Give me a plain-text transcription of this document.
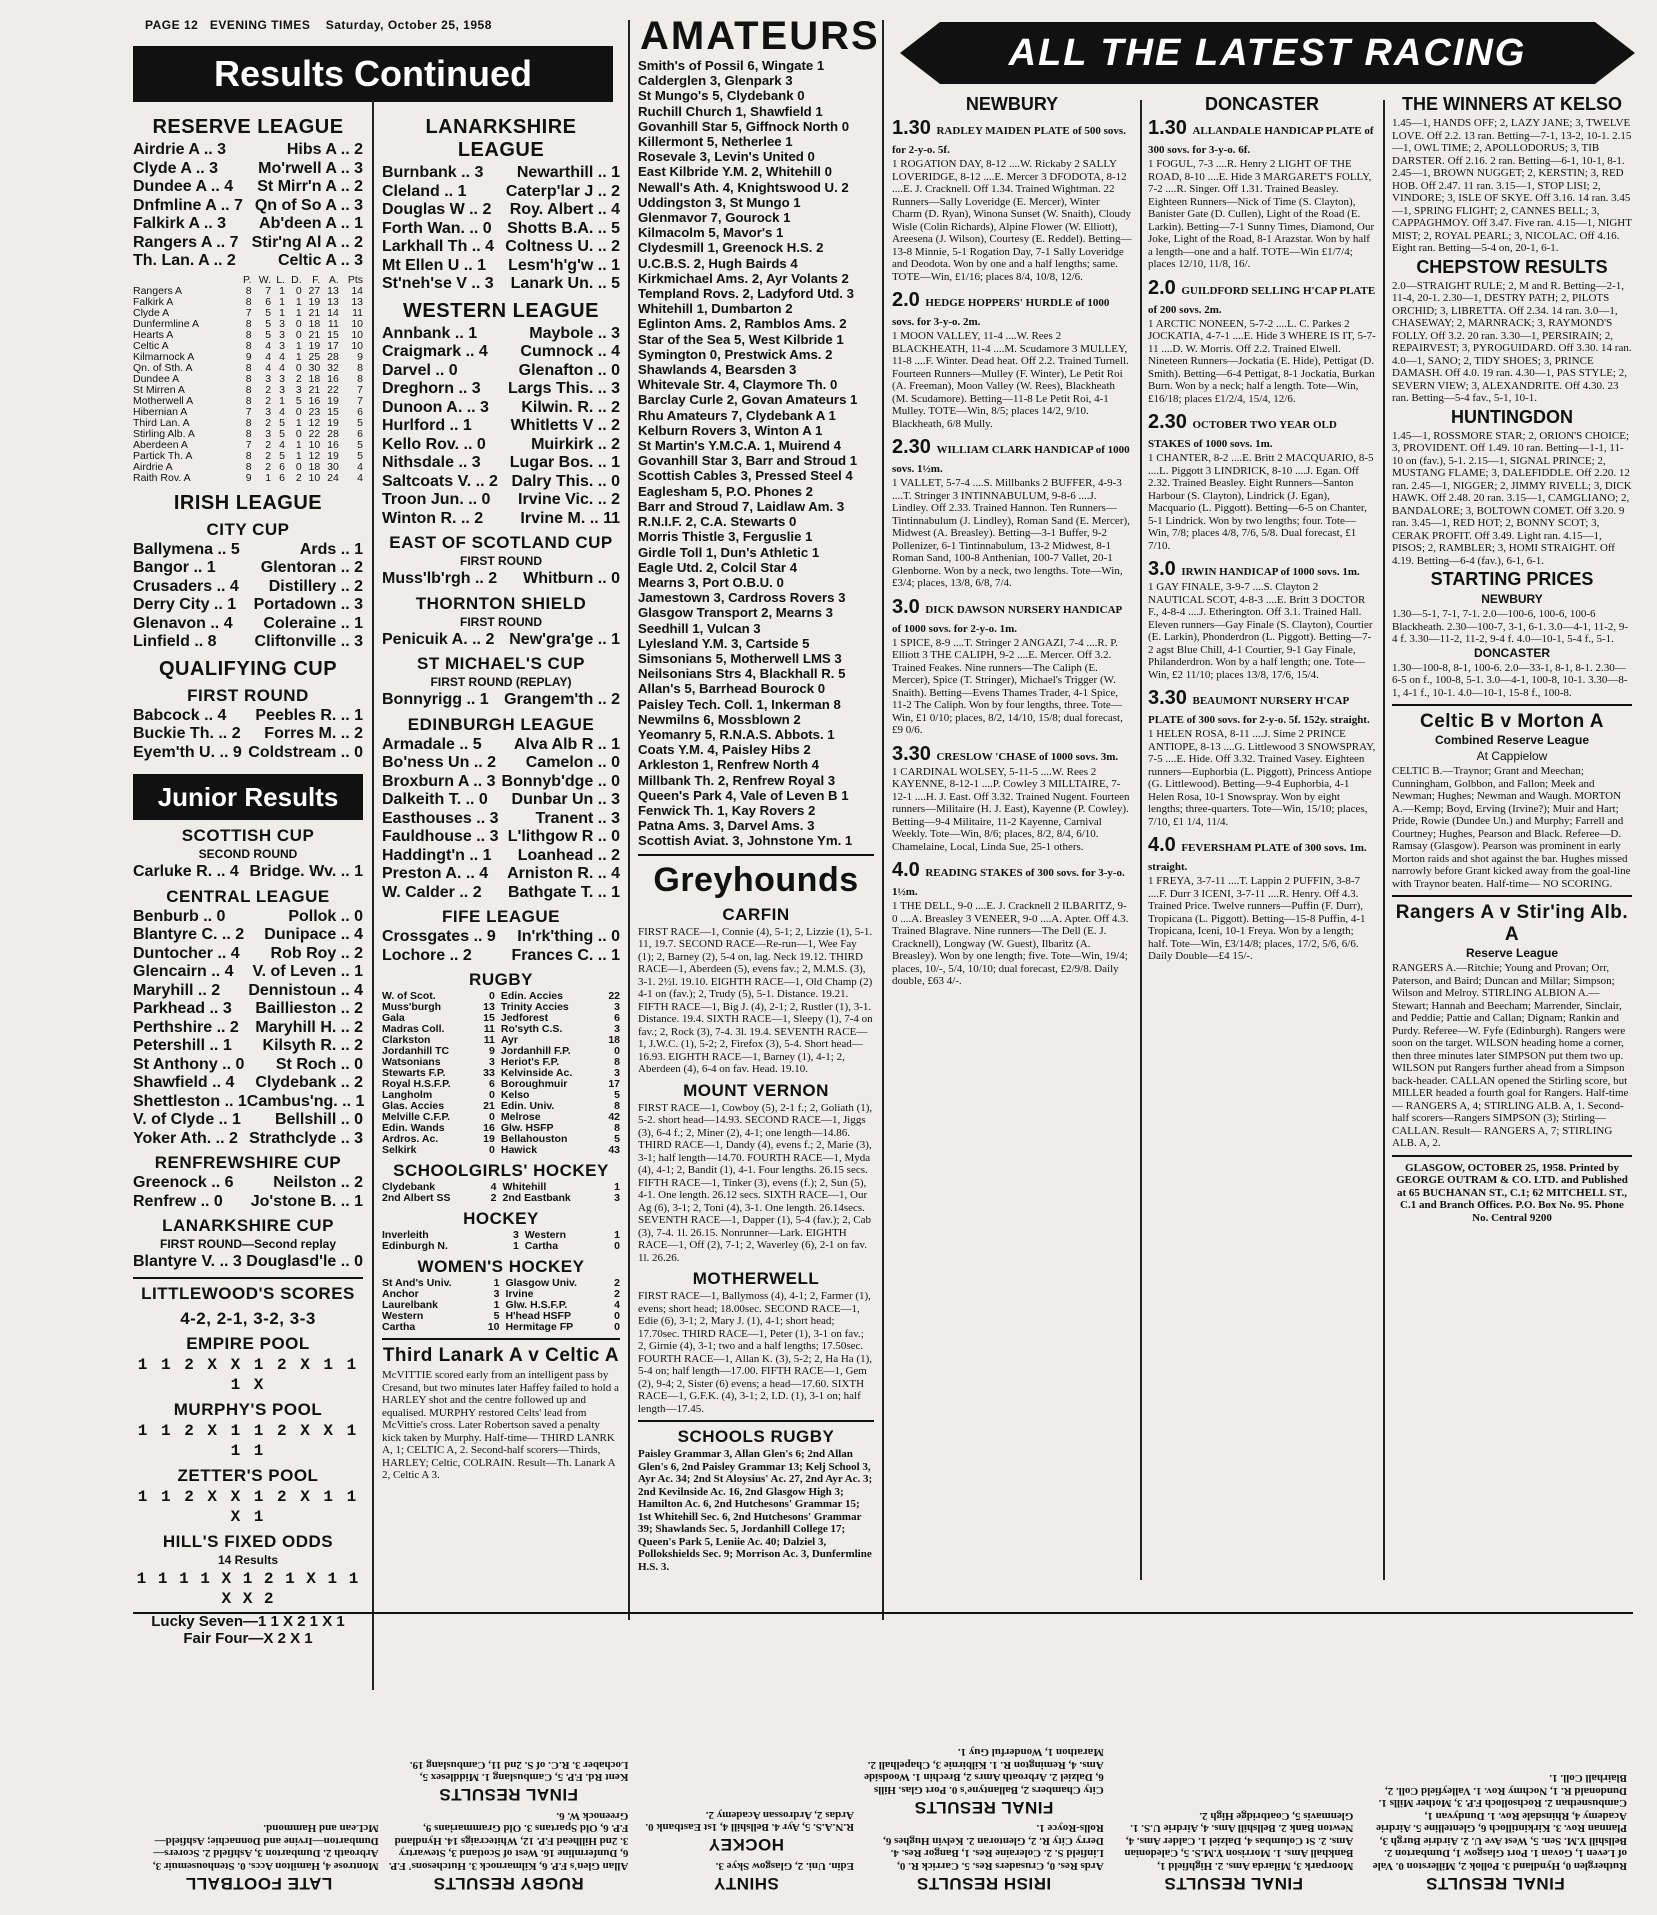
PAGE 12 EVENING TIMES Saturday, October 25, 1958
Results Continued
AMATEURS	ALL THE LATEST RACING
RESERVE LEAGUE
Airdrie A .. 3	Hibs A .. 2
Clyde A .. 3	Mo'rwell A .. 3
Dundee A .. 4 St Mirr'n A .. 2
Dnfmline A .. 7 Qn of So A .. 3
Falkirk A .. 3 Ab'deen A .. 1
Rangers A .. 7 Stir'ng Al A .. 2
Th. Lan. A .. 2	Celtic A .. 3
	P.	W.	L.	D.	F.	A.	Pts
Rangers A	8	7	1	0	27	13	14
Falkirk A	8	6	1	1	19	13	13
Clyde A	7	5	1	1	21	14	11
Dunfermline A	8	5	3	0	18	11	10
Hearts A	8	5	3	0	21	15	10
Celtic A	8	4	3	1	19	17	10
Kilmarnock A	9	4	4	1	25	28	9
Qn. of Sth. A	8	4	4	0	30	32	8
Dundee A	8	3	3	2	18	16	8
St Mirren A	8	2	3	3	21	22	7
Motherwell A	8	2	1	5	16	19	7
Hibernian A	7	3	4	0	23	15	6
Third Lan. A	8	2	5	1	12	19	5
Stirling Alb. A	8	3	5	0	22	28	6
Aberdeen A	7	2	4	1	10	16	5
Partick Th. A	8	2	5	1	12	19	5
Airdrie A	8	2	6	0	18	30	4
Raith Rov. A	9	1	6	2	10	24	4
IRISH LEAGUE
CITY CUP
Ballymena .. 5	Ards .. 1
Bangor .. 1	Glentoran .. 2
Crusaders .. 4 Distillery .. 2
Derry City .. 1 Portadown .. 3
Glenavon .. 4 Coleraine .. 1
Linfield .. 8 Cliftonville .. 3
QUALIFYING CUP
FIRST ROUND
Babcock .. 4 Peebles R. .. 1
Buckie Th. .. 2 Forres M. .. 2
Eyem'th U. .. 9 Coldstream .. 0
Junior Results
SCOTTISH CUP
SECOND ROUND
Carluke R. .. 4 Bridge. Wv. .. 1
CENTRAL LEAGUE
Benburb .. 0	Pollok .. 0
Blantyre C. .. 2 Dunipace .. 4
Duntocher .. 4 Rob Roy .. 2
Glencairn .. 4 V. of Leven .. 1
Maryhill .. 2 Dennistoun .. 4
Parkhead .. 3 Baillieston .. 2
Perthshire .. 2 Maryhill H. .. 2
Petershill .. 1 Kilsyth R. .. 2
St Anthony .. 0 St Roch .. 0
Shawfield .. 4 Clydebank .. 2
Shettleston .. 1 Cambus'ng. .. 1
V. of Clyde .. 1 Bellshill .. 0
Yoker Ath. .. 2 Strathclyde .. 3
RENFREWSHIRE CUP
Greenock .. 6 Neilston .. 2
Renfrew .. 0 Jo'stone B. .. 1
LANARKSHIRE CUP
FIRST ROUND—Second replay
Blantyre V. .. 3 Douglasd'le .. 0
LITTLEWOOD'S SCORES
4-2, 2-1, 3-2, 3-3
EMPIRE POOL
1 1 2 X X 1 2 X 1 1 1 X
MURPHY'S POOL
1 1 2 X 1 1 2 X X 1 1 1
ZETTER'S POOL
1 1 2 X X 1 2 X 1 1 X 1
HILL'S FIXED ODDS
14 Results
1 1 1 1 X 1 2 1 X 1 1 X X 2
Lucky Seven—1 1 X 2 1 X 1
Fair Four—X 2 X 1
LANARKSHIRE LEAGUE
Burnbank .. 3 Newarthill .. 1
Cleland .. 1 Caterp'lar J .. 2
Douglas W .. 2 Roy. Albert .. 4
Forth Wan. .. 0 Shotts B.A. .. 5
Larkhall Th .. 4 Coltness U. .. 2
Mt Ellen U .. 1 Lesm'h'g'w .. 1
St'neh'se V .. 3 Lanark Un. .. 5
WESTERN LEAGUE
Annbank .. 1	Maybole .. 3
Craigmark .. 4 Cumnock .. 4
Darvel .. 0	Glenafton .. 0
Dreghorn .. 3 Largs This. .. 3
Dunoon A. .. 3 Kilwin. R. .. 2
Hurlford .. 1 Whitletts V .. 2
Kello Rov. .. 0	Muirkirk .. 2
Nithsdale .. 3 Lugar Bos. .. 1
Saltcoats V. .. 2 Dalry This. .. 0
Troon Jun. .. 0 Irvine Vic. .. 2
Winton R. .. 2 Irvine M. .. 11
EAST OF SCOTLAND CUP
FIRST ROUND
Muss'lb'rgh .. 2 Whitburn .. 0
THORNTON SHIELD
FIRST ROUND
Penicuik A. .. 2 New'gra'ge .. 1
ST MICHAEL'S CUP
FIRST ROUND (REPLAY)
Bonnyrigg .. 1 Grangem'th .. 2
EDINBURGH LEAGUE
Armadale .. 5 Alva Alb R .. 1
Bo'ness Un .. 2 Camelon .. 0
Broxburn A .. 3 Bonnyb'dge .. 0
Dalkeith T. .. 0 Dunbar Un .. 3
Easthouses .. 3 Tranent .. 3
Fauldhouse .. 3 L'lithgow R .. 0
Haddingt'n .. 1 Loanhead .. 2
Preston A. .. 4 Arniston R. .. 4
W. Calder .. 2 Bathgate T. .. 1
FIFE LEAGUE
Crossgates .. 9 In'rk'thing .. 0
Lochore .. 2 Frances C. .. 1
RUGBY
W. of Scot.	0	Edin. Accies	22
Muss'burgh	13	Trinity Accies	3
Gala	15	Jedforest	6
Madras Coll.	11	Ro'syth C.S.	3
Clarkston	11	Ayr	18
Jordanhill TC	9	Jordanhill F.P.	0
Watsonians	3	Heriot's F.P.	8
Stewarts F.P.	33	Kelvinside Ac.	3
Royal H.S.F.P.	6	Boroughmuir	17
Langholm	0	Kelso	5
Glas. Accies	21	Edin. Univ.	8
Melville C.F.P.	0	Melrose	42
Edin. Wands	16	Glw. HSFP	8
Ardros. Ac.	19	Bellahouston	5
Selkirk	0	Hawick	43
SCHOOLGIRLS' HOCKEY
Clydebank	4	Whitehill	1
2nd Albert SS	2	2nd Eastbank	3
HOCKEY
Inverleith	3	Western	1
Edinburgh N.	1	Cartha	0
WOMEN'S HOCKEY
St And's Univ.	1	Glasgow Univ.	2
Anchor	3	Irvine	2
Laurelbank	1	Glw. H.S.F.P.	4
Western	5	H'head HSFP	0
Cartha	10	Hermitage FP	0
Third Lanark A v Celtic A
McVITTIE scored early from an intelligent pass by Cresand, but two minutes later Haffey failed to hold a HARLEY shot and the centre followed up and equalised. MURPHY restored Celts' lead from McVittie's cross. Later Robertson saved a penalty kick taken by Murphy. Half-time— THIRD LANRK A, 1; CELTIC A, 2. Second-half scorers—Thirds, HARLEY; Celtic, COLRAIN. Result—Th. Lanark A 2, Celtic A 3.
Smith's of Possil 6, Wingate 1
Calderglen 3, Glenpark 3
St Mungo's 5, Clydebank 0
Ruchill Church 1, Shawfield 1
Govanhill Star 5, Giffnock North 0
Killermont 5, Netherlee 1
Rosevale 3, Levin's United 0
East Kilbride Y.M. 2, Whitehill 0
Newall's Ath. 4, Knightswood U. 2
Uddingston 3, St Mungo 1
Glenmavor 7, Gourock 1
Kilmacolm 5, Mavor's 1
Clydesmill 1, Greenock H.S. 2
U.C.B.S. 2, Hugh Bairds 4
Kirkmichael Ams. 2, Ayr Volants 2
Templand Rovs. 2, Ladyford Utd. 3
Whitehill 1, Dumbarton 2
Eglinton Ams. 2, Ramblos Ams. 2
Star of the Sea 5, West Kilbride 1
Symington 0, Prestwick Ams. 2
Shawlands 4, Bearsden 3
Whitevale Str. 4, Claymore Th. 0
Barclay Curle 2, Govan Amateurs 1
Rhu Amateurs 7, Clydebank A 1
Kelburn Rovers 3, Winton A 1
St Martin's Y.M.C.A. 1, Muirend 4
Govanhill Star 3, Barr and Stroud 1
Scottish Cables 3, Pressed Steel 4
Eaglesham 5, P.O. Phones 2
Barr and Stroud 7, Laidlaw Am. 3
R.N.I.F. 2, C.A. Stewarts 0
Morris Thistle 3, Ferguslie 1
Girdle Toll 1, Dun's Athletic 1
Eagle Utd. 2, Colcil Star 4
Mearns 3, Port O.B.U. 0
Jamestown 3, Cardross Rovers 3
Glasgow Transport 2, Mearns 3
Seedhill 1, Vulcan 3
Lylesland Y.M. 3, Cartside 5
Simsonians 5, Motherwell LMS 3
Neilsonians Strs 4, Blackhall R. 5
Allan's 5, Barrhead Bourock 0
Paisley Tech. Coll. 1, Inkerman 8
Newmilns 6, Mossblown 2
Yeomanry 5, R.N.A.S. Abbots. 1
Coats Y.M. 4, Paisley Hibs 2
Arkleston 1, Renfrew North 4
Millbank Th. 2, Renfrew Royal 3
Queen's Park 4, Vale of Leven B 1
Fenwick Th. 1, Kay Rovers 2
Patna Ams. 3, Darvel Ams. 3
Scottish Aviat. 3, Johnstone Ym. 1
Greyhounds
CARFIN
FIRST RACE—1, Connie (4), 5-1; 2, Lizzie (1), 5-1. 11, 19.7. SECOND RACE—Re-run—1, Wee Fay (1); 2, Barney (2), 5-4 on, lag. Neck 19.12. THIRD RACE—1, Aberdeen (5), evens fav.; 2, M.M.S. (3), 3-1. 2½l. 19.10. EIGHTH RACE—1, Old Champ (2) 4-1 on (fav.); 2, Trudy (5), 5-1. Distance. 19.21. FIFTH RACE—1, Big J. (4), 2-1; 2, Rustler (1), 3-1. Distance. 19.4. SIXTH RACE—1, Sleepy (1), 7-4 on fav.; 2, Rock (3), 7-4. 3l. 19.4. SEVENTH RACE—1, J.W.C. (1), 5-2; 2, Firefox (3), 5-4. Short head—16.93. EIGHTH RACE—1, Barney (1), 4-1; 2, Aberdeen (4), 6-4 on fav. Head. 19.10.
MOUNT VERNON
FIRST RACE—1, Cowboy (5), 2-1 f.; 2, Goliath (1), 5-2. short head—14.93. SECOND RACE—1, Jiggs (3), 6-4 f.; 2, Miner (2), 4-1; one length—14.86. THIRD RACE—1, Dandy (4), evens f.; 2, Marie (3), 3-1; half length—14.70. FOURTH RACE—1, Myda (4), 4-1; 2, Bandit (1), 4-1. Four lengths. 26.15 secs. FIFTH RACE—1, Tinker (3), evens (f.); 2, Sun (5), 4-1. One length. 26.12 secs. SIXTH RACE—1, Our Ag (6), 3-1; 2, Toni (4), 3-1. One length. 26.14secs. SEVENTH RACE—1, Dapper (1), 5-4 (fav.); 2, Cab (3), 7-4. 1l. 26.15. Nonrunner—Lark. EIGHTH RACE—1, Off (2), 7-1; 2, Waverley (6), 2-1 on fav. 1l. 26.26.
MOTHERWELL
FIRST RACE—1, Ballymoss (4), 4-1; 2, Farmer (1), evens; short head; 18.00sec. SECOND RACE—1, Edie (6), 3-1; 2, Mary J. (1), 4-1; short head; 17.70sec. THIRD RACE—1, Peter (1), 3-1 on fav.; 2, Girnie (4), 3-1; two and a half lengths; 17.50sec. FOURTH RACE—1, Allan K. (3), 5-2; 2, Ha Ha (1), 5-4 on; half length—17.00. FIFTH RACE—1, Gem (2), 9-4; 2, Sister (6) evens; a head—17.60. SIXTH RACE—1, G.F.K. (4), 3-1; 2, I.D. (1), 3-1 on; half length—17.45.
SCHOOLS RUGBY
Paisley Grammar 3, Allan Glen's 6; 2nd Allan Glen's 6, 2nd Paisley Grammar 13; Kelj School 3, Ayr Ac. 34; 2nd St Aloysius' Ac. 27, 2nd Ayr Ac. 3; 2nd Kevilnside Ac. 16, 2nd Glasgow High 3; Hamilton Ac. 6, 2nd Hutchesons' Grammar 15; 1st Whitehill Sec. 6, 2nd Hutchesons' Grammar 39; Shawlands Sec. 5, Jordanhill College 17; Queen's Park 5, Leniie Ac. 40; Dalziel 3, Pollokshields Sec. 9; Morrison Ac. 3, Dunfermline H.S. 3.
NEWBURY
1.30 RADLEY MAIDEN PLATE of 500 sovs. for 2-y-o. 5f.
1 ROGATION DAY, 8-12 ....W. Rickaby 2 SALLY LOVERIDGE, 8-12 ....E. Mercer 3 DFODOTA, 8-12 ....E. J. Cracknell. Off 1.34. Trained Wightman. 22 Runners—Sally Loveridge (E. Mercer), Winter Charm (D. Ryan), Winona Sunset (W. Snaith), Cloudy Wisle (Colin Richards), Alpine Flower (W. Elliott), Areesena (J. Wilson), Courtesy (E. Reddel). Betting—13-8 Minnie, 5-1 Rogation Day, 7-1 Sally Loveridge and Deodota. Won by one and a half lengths; same. TOTE—Win, £1/16; places 8/4, 10/8, 12/6.
2.0 HEDGE HOPPERS' HURDLE of 1000 sovs. for 3-y-o. 2m.
1 MOON VALLEY, 11-4 ....W. Rees 2 BLACKHEATH, 11-4 ....M. Scudamore 3 MULLEY, 11-8 ....F. Winter. Dead heat. Off 2.2. Trained Turnell. Fourteen Runners—Mulley (F. Winter), Le Petit Roi (A. Freeman), Moon Valley (W. Rees), Blackheath (M. Scudamore). Betting—11-8 Le Petit Roi, 4-1 Mulley. TOTE—Win, 8/5; places 14/2, 9/10. Blackheath, 6/8 Mully.
2.30 WILLIAM CLARK HANDICAP of 1000 sovs. 1½m.
1 VALLET, 5-7-4 ....S. Millbanks 2 BUFFER, 4-9-3 ....T. Stringer 3 INTINNABULUM, 9-8-6 ....J. Lindley. Off 2.33. Trained Hannon. Ten Runners—Tintinnabulum (J. Lindley), Roman Sand (E. Mercer), Midwest (A. Breasley). Betting—3-1 Buffer, 9-2 Pollenizer, 6-1 Tintinnabulum, 13-2 Midwest, 8-1 Roman Sand, 100-8 Anthenian, 100-7 Vallet, 20-1 Glenborne. Won by a neck, two lengths. Tote—Win, £3/4; places, 13/8, 6/8, 7/4.
3.0 DICK DAWSON NURSERY HANDICAP of 1000 sovs. for 2-y-o. 1m.
1 SPICE, 8-9 ....T. Stringer 2 ANGAZI, 7-4 ....R. P. Elliott 3 THE CALIPH, 9-2 ....E. Mercer. Off 3.2. Trained Feakes. Nine runners—The Caliph (E. Mercer), Spice (T. Stringer), Michael's Trigger (W. Snaith). Betting—Evens Thames Trader, 4-1 Spice, 11-2 The Caliph. Won by four lengths, three. Tote—Win, £1 0/10; places, 8/2, 14/10, 15/8; dual forecast, £9 0/6.
3.30 CRESLOW 'CHASE of 1000 sovs. 3m.
1 CARDINAL WOLSEY, 5-11-5 ....W. Rees 2 KAYENNE, 8-12-1 ....P. Cowley 3 MILLTAIRE, 7-12-1 ....H. J. East. Off 3.32. Trained Nugent. Fourteen runners—Militaire (H. J. East), Kayenne (P. Cowley). Betting—9-4 Militaire, 11-2 Kayenne, Carnival Weekly. Tote—Win, 8/6; places, 8/2, 8/4, 6/10. Chamelaine, Local, Linda Sue, 25-1 others.
4.0 READING STAKES of 300 sovs. for 3-y-o. 1½m.
1 THE DELL, 9-0 ....E. J. Cracknell 2 ILBARITZ, 9-0 ....A. Breasley 3 VENEER, 9-0 ....A. Apter. Off 4.3. Trained Blagrave. Nine runners—The Dell (E. J. Cracknell), Longway (W. Guest), Ilbaritz (A. Breasley). Won by one length; five. Tote—Win, 19/4; places, 10/-, 5/4, 10/10; dual forecast, £2/9/8. Daily double, £63 4/-.
DONCASTER
1.30 ALLANDALE HANDICAP PLATE of 300 sovs. for 3-y-o. 6f.
1 FOGUL, 7-3 ....R. Henry 2 LIGHT OF THE ROAD, 8-10 ....E. Hide 3 MARGARET'S FOLLY, 7-2 ....R. Singer. Off 1.31. Trained Beasley. Eighteen Runners—Nick of Time (S. Clayton), Banister Gate (D. Cullen), Light of the Road (E. Larkin). Betting—7-1 Sunny Times, Diamond, Our Joke, Light of the Road, 8-1 Arazstar. Won by half a length—one and a half. TOTE—Win £1/7/4; places 12/10, 11/8, 16/.
2.0 GUILDFORD SELLING H'CAP PLATE of 200 sovs. 2m.
1 ARCTIC NONEEN, 5-7-2 ....L. C. Parkes 2 JOCKATIA, 4-7-1 ....E. Hide 3 WHERE IS IT, 5-7-11 ....D. W. Morris. Off 2.2. Trained Elwell. Nineteen Runners—Jockatia (E. Hide), Pettigat (D. Smith). Betting—6-4 Pettigat, 8-1 Jockatia, Burkan Burn. Won by a neck; half a length. Tote—Win, £16/18; places £1/2/4, 15/4, 12/6.
2.30 OCTOBER TWO YEAR OLD STAKES of 1000 sovs. 1m.
1 CHANTER, 8-2 ....E. Britt 2 MACQUARIO, 8-5 ....L. Piggott 3 LINDRICK, 8-10 ....J. Egan. Off 2.32. Trained Beasley. Eight Runners—Santon Harbour (S. Clayton), Lindrick (J. Egan), Macquario (L. Piggott). Betting—6-5 on Chanter, 5-1 Lindrick. Won by two lengths; four. Tote—Win, 7/8; places 4/8, 7/6, 5/8. Dual forecast, £1 7/10.
3.0 IRWIN HANDICAP of 1000 sovs. 1m.
1 GAY FINALE, 3-9-7 ....S. Clayton 2 NAUTICAL SCOT, 4-8-3 ....E. Britt 3 DOCTOR F., 4-8-4 ....J. Etherington. Off 3.1. Trained Hall. Eleven runners—Gay Finale (S. Clayton), Courtier (E. Larkin), Phonderdron (L. Piggott). Betting—7-2 agst Blue Chill, 4-1 Courtier, 9-1 Gay Finale, Philanderdron. Won by a half length; one. Tote—Win, £2 11/10; places 13/8, 17/6, 15/4.
3.30 BEAUMONT NURSERY H'CAP PLATE of 300 sovs. for 2-y-o. 5f. 152y. straight.
1 HELEN ROSA, 8-11 ....J. Sime 2 PRINCE ANTIOPE, 8-13 ....G. Littlewood 3 SNOWSPRAY, 7-5 ....E. Hide. Off 3.32. Trained Vasey. Eighteen runners—Euphorbia (L. Piggott), Princess Antiope (G. Littlewood). Betting—9-4 Euphorbia, 4-1 Helen Rosa, 10-1 Snowspray. Won by eight lengths; three-quarters. Tote—Win, 15/10; places, 7/10, £1 1/4, 11/4.
4.0 FEVERSHAM PLATE of 300 sovs. 1m. straight.
1 FREYA, 3-7-11 ....T. Lappin 2 PUFFIN, 3-8-7 ....F. Durr 3 ICENI, 3-7-11 ....R. Henry. Off 4.3. Trained Price. Twelve runners—Puffin (F. Durr), Tropicana (L. Piggott). Betting—15-8 Puffin, 4-1 Tropicana, Iceni, 10-1 Freya. Won by a length; half. Tote—Win, £3/14/8; places, 17/2, 5/6, 6/6. Daily Double—£4 15/-.
THE WINNERS AT KELSO
1.45—1, HANDS OFF; 2, LAZY JANE; 3, TWELVE LOVE. Off 2.2. 13 ran. Betting—7-1, 13-2, 10-1. 2.15—1, OWL TIME; 2, APOLLODORUS; 3, TIB DARSTER. Off 2.16. 2 ran. Betting—6-1, 10-1, 8-1. 2.45—1, BROWN NUGGET; 2, KERSTIN; 3, RED HOB. Off 2.47. 11 ran. 3.15—1, STOP LISI; 2, VINDORE; 3, ISLE OF SKYE. Off 3.16. 14 ran. 3.45—1, SPRING FLIGHT; 2, CANNES BELL; 3, CAPPAGHMOY. Off 3.47. Five ran. 4.15—1, NIGHT MIST; 2, ROYAL PEARL; 3, NICOLAC. Off 4.16. Eight ran. Betting—5-4 on, 20-1, 6-1.
CHEPSTOW RESULTS
2.0—STRAIGHT RULE; 2, M and R. Betting—2-1, 11-4, 20-1. 2.30—1, DESTRY PATH; 2, PILOTS ORCHID; 3, LIBRETTA. Off 2.34. 14 ran. 3.0—1, CHASEWAY; 2, MARNRACK; 3, RAYMOND'S FOLLY. Off 3.2. 20 ran. 3.30—1, PERSIRAIN; 2, REPAIRVEST; 3, PYROGUIDARD. Off 3.30. 14 ran. 4.0—1, SANO; 2, TIDY SHOES; 3, PRINCE DAMASH. Off 4.0. 19 ran. 4.30—1, PAS STYLE; 2, SEVERN VIEW; 3, ALEXANDRITE. Off 4.30. 23 ran. Betting—5-4 fav., 5-1, 10-1.
HUNTINGDON
1.45—1, ROSSMORE STAR; 2, ORION'S CHOICE; 3, PROVIDENT. Off 1.49. 10 ran. Betting—1-1, 11-10 on (fav.), 5-1. 2.15—1, SIGNAL PRINCE; 2, MUSTANG FLAME; 3, DALEFIDDLE. Off 2.20. 12 ran. 2.45—1, NIGGER; 2, JIMMY RIVELL; 3, DICK HAWK. Off 2.48. 20 ran. 3.15—1, CAMGLIANO; 2, BANDALORE; 3, BOLTOWN COMET. Off 3.20. 9 ran. 3.45—1, RED HOT; 2, BONNY SCOT; 3, CERAK PROFIT. Off 3.49. Light ran. 4.15—1, PISOS; 2, RAMBLER; 3, HOMI STRAIGHT. Off 4.19. Betting—6-4 (fav.), 6-1, 6-1.
STARTING PRICES
NEWBURY
1.30—5-1, 7-1, 7-1. 2.0—100-6, 100-6, 100-6 Blackheath. 2.30—100-7, 3-1, 6-1. 3.0—4-1, 11-2, 9-4 f. 3.30—11-2, 11-2, 9-4 f. 4.0—10-1, 5-4 f., 5-1.
DONCASTER
1.30—100-8, 8-1, 100-6. 2.0—33-1, 8-1, 8-1. 2.30—6-5 on f., 100-8, 5-1. 3.0—4-1, 100-8, 10-1. 3.30—8-1, 4-1 f., 10-1. 4.0—10-1, 15-8 f., 100-8.
Celtic B v Morton A
Combined Reserve League
At Cappielow
CELTIC B.—Traynor; Grant and Meechan; Cunningham, Golbbon, and Fallon; Meek and Newman; Hughes; Newman and Waugh. MORTON A.—Kemp; Boyd, Erving (Irvine?); Muir and Hart; Pride, Rowie (Dundee Un.) and Murphy; Farrell and Courtney; Hughes, Pearson and Black. Referee—D. Ramsay (Glasgow). Pearson was prominent in early Morton raids and shot against the bar. Hughes missed narrowly before Grant kicked away from the goal-line with Traynor beaten. Half-time— NO SCORING.
Rangers A v Stir'ing Alb. A
Reserve League
RANGERS A.—Ritchie; Young and Provan; Orr, Paterson, and Baird; Duncan and Millar; Simpson; Wilson and Melroy. STIRLING ALBION A.—Stewart; Hannah and Beecham; Marrender, Sinclair, and Peddie; Pattie and Callan; Dignam; Rankin and Purdy. Referee—W. Fyfe (Edinburgh). Rangers were soon on the target. WILSON heading home a corner, then three minutes later SIMPSON put them two up. WILSON put Rangers further ahead from a Simpson back-header. CALLAN opened the Stirling score, but MILLER headed a fourth goal for Rangers. Half-time— RANGERS A, 4; STIRLING ALB. A, 1. Second-half scorers—Rangers SIMPSON (3); Stirling—CALLAN. Result— RANGERS A, 7; STIRLING ALB. A, 2.
GLASGOW, OCTOBER 25, 1958. Printed by GEORGE OUTRAM & CO. LTD. and Published at 65 BUCHANAN ST., C.1; 62 MITCHELL ST., C.1 and Branch Offices. P.O. Box No. 95. Phone No. Central 9200
FINAL RESULTS
Rutherglen 0, Hyndland 3. Pollok 2, Millerston 0. Vale of Leven 1, Govan 1. Port Glasgow 1, Dumbarton 2. Bellshill Y.M. Sen. 5, West Ave U. 2. Airdrie Burgh 3, Plannan Rov. 3. Kirkintilloch 6, Glentelline 5. Airdrie Academy 4, Rhinsdale Rov. 1. Dundyvan 1, Cambusnethan 2. Rochsolloch F.P. 3, Mother Mills 1. Dundonald R. 1, Nochmy Rov. 1. Valleyfield Coll. 2, Blairhall Coll. 1.
FINAL RESULTS
Moorpark 3, Milarda Ams. 2. Highfield 1, Bankhall Ams. 1. Morrison Y.M.S. 5, Caledonian Ams. 2. St Columbas 4, Dalziel 1. Calder Ams. 4, Newton Bank 2. Bellshill Ams. 4, Airdrie U.S. 1. Glenmavis 5, Coatbridge High 2.
IRISH RESULTS
Ards Res. 0, Crusaders Res. 5. Carrick R. 0, Linfield S. 2. Coleraine Res. 1, Bangor Res. 4. Derry City R. 2, Glentoran 2. Kelvin Hughes 6, Rolls-Royce 1.
FINAL RESULTS
City Chambers 2, Ballantyne's 0. Port Glas. Hills 6, Dalziel 2. Arbroath Amrs 2, Brechin 1. Woodside Ams. 4, Remington R. 1. Kilbirnie 3, Chapelhall 2. Marathon 1, Wonderful Guy 1.
SHINTY
Edin. Uni. 2, Glasgow Skye 3.
HOCKEY
R.N.A.S. 5, Ayr 4. Bellshill 4, 1st Eastbank 0. Ardas 2, Ardrossan Academy 2.
RUGBY RESULTS
Allan Glen's F.P. 6, Kilmarnock 3. Hutchesons' F.P. 6, Dunfermline 16. West of Scotland 3, Stewartry 3. 2nd Hillhead F.P. 12, Whitecraigs 14. Hyndland F.P. 6, Old Spartans 3. Old Grammarians 9, Greenock W. 6.
FINAL RESULTS
Kent Rd. F.P. 5, Cambuslang 1. Middlesex 5, Lochaber 3. R.C. of S. 2nd 11, Cambuslang 19.
LATE FOOTBALL
Montrose 4, Hamilton Accs. 0. Stenhousemuir 3, Arbroath 2. Dumbarton 3, Ashfield 2. Scorers—Dumbarton—Irvine and Donnachie; Ashfield—McLean and Hammond.
